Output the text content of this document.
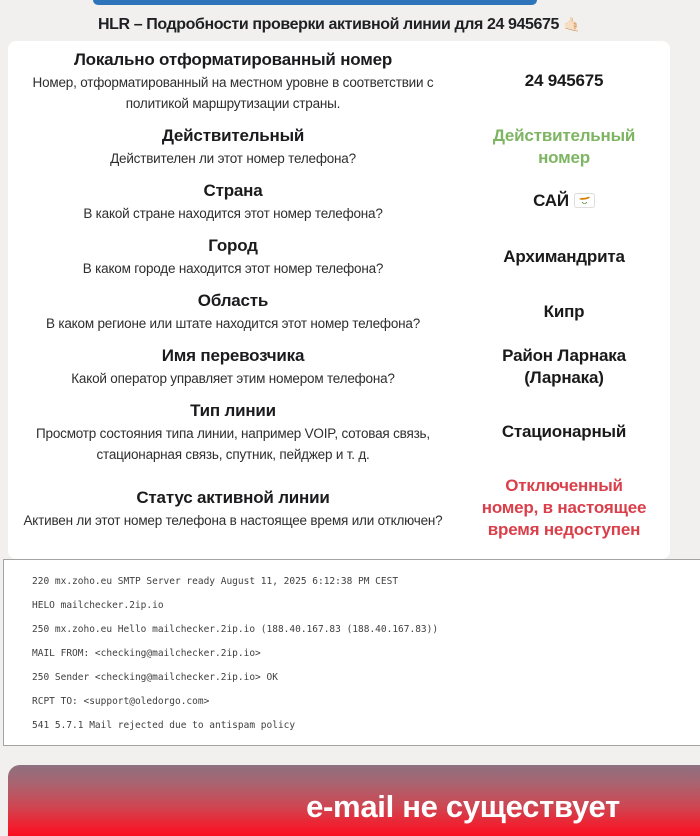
HLR – Подробности проверки активной линии для 24 945675 🤙🏻
Локально отформатированный номер
Номер, отформатированный на местном уровне в соответствии с политикой маршрутизации страны.
24 945675
Действительный
Действителен ли этот номер телефона?
Действительный номер
Страна
В какой стране находится этот номер телефона?
САЙ
Город
В каком городе находится этот номер телефона?
Архимандрита
Область
В каком регионе или штате находится этот номер телефона?
Кипр
Имя перевозчика
Какой оператор управляет этим номером телефона?
Район Ларнака (Ларнака)
Тип линии
Просмотр состояния типа линии, например VOIP, сотовая связь, стационарная связь, спутник, пейджер и т. д.
Стационарный
Статус активной линии
Активен ли этот номер телефона в настоящее время или отключен?
Отключенный номер, в настоящее время недоступен
220 mx.zoho.eu SMTP Server ready August 11, 2025 6:12:38 PM CEST
HELO mailchecker.2ip.io
250 mx.zoho.eu Hello mailchecker.2ip.io (188.40.167.83 (188.40.167.83))
MAIL FROM: <checking@mailchecker.2ip.io>
250 Sender <checking@mailchecker.2ip.io> OK
RCPT TO: <support@oledorgo.com>
541 5.7.1 Mail rejected due to antispam policy
e-mail не существует
